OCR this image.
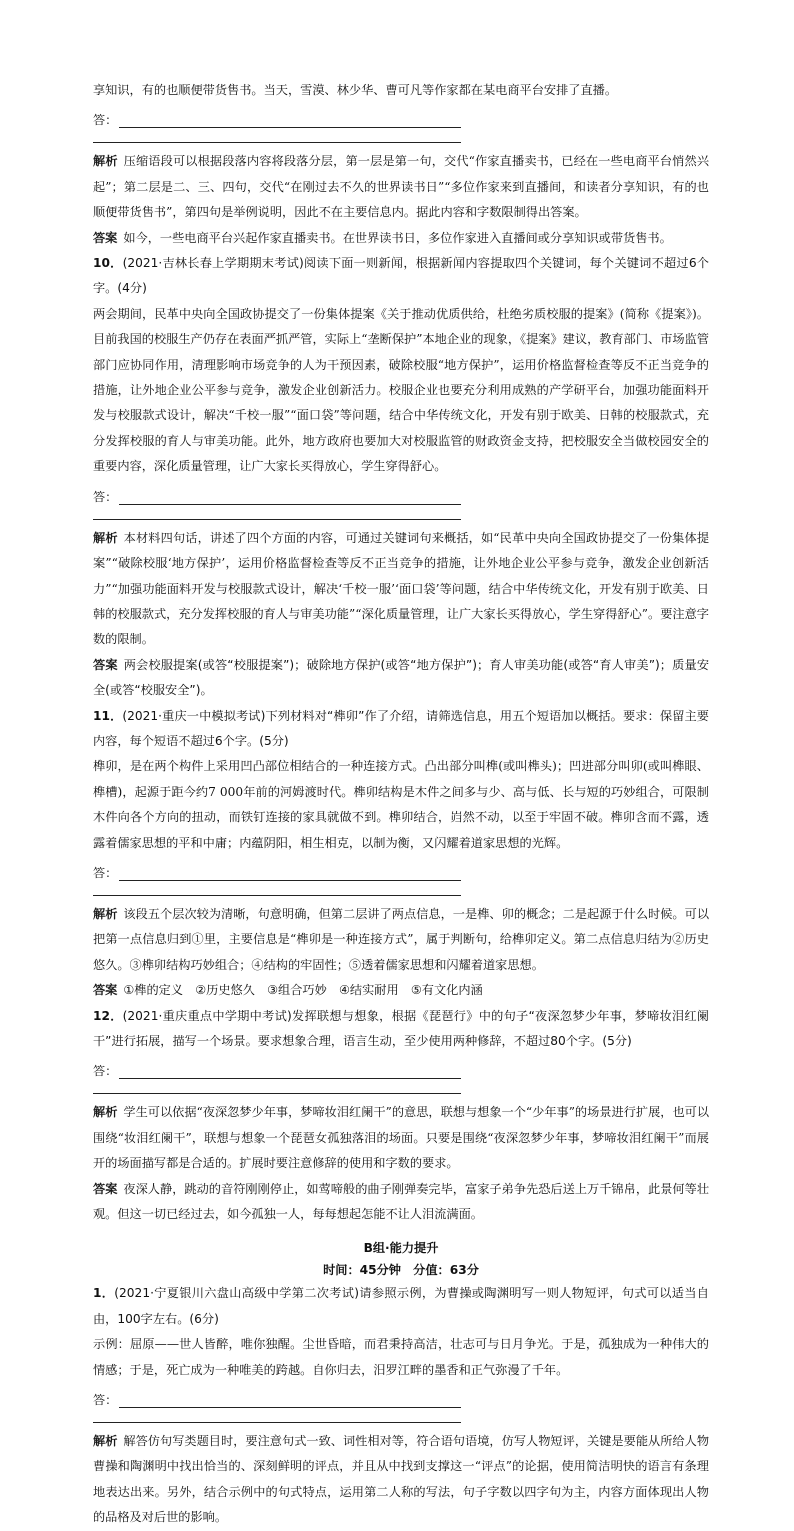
享知识，有的也顺便带货售书。当天，雪漠、林少华、曹可凡等作家都在某电商平台安排了直播。

答：

解析 压缩语段可以根据段落内容将段落分层，第一层是第一句，交代“作家直播卖书，已经在一些电商平台悄然兴起”；第二层是二、三、四句，交代“在刚过去不久的世界读书日”“多位作家来到直播间，和读者分享知识，有的也顺便带货售书”，第四句是举例说明，因此不在主要信息内。据此内容和字数限制得出答案。

答案 如今，一些电商平台兴起作家直播卖书。在世界读书日，多位作家进入直播间或分享知识或带货售书。

10．(2021·吉林长春上学期期末考试)阅读下面一则新闻，根据新闻内容提取四个关键词，每个关键词不超过6个字。(4分)

两会期间，民革中央向全国政协提交了一份集体提案《关于推动优质供给，杜绝劣质校服的提案》(简称《提案》)。目前我国的校服生产仍存在表面严抓严管，实际上“垄断保护”本地企业的现象，《提案》建议，教育部门、市场监管部门应协同作用，清理影响市场竞争的人为干预因素，破除校服“地方保护”，运用价格监督检查等反不正当竞争的措施，让外地企业公平参与竞争，激发企业创新活力。校服企业也要充分利用成熟的产学研平台，加强功能面料开发与校服款式设计，解决“千校一服”“面口袋”等问题，结合中华传统文化，开发有别于欧美、日韩的校服款式，充分发挥校服的育人与审美功能。此外，地方政府也要加大对校服监管的财政资金支持，把校服安全当做校园安全的重要内容，深化质量管理，让广大家长买得放心，学生穿得舒心。

答：

解析 本材料四句话，讲述了四个方面的内容，可通过关键词句来概括，如“民革中央向全国政协提交了一份集体提案”“破除校服‘地方保护’，运用价格监督检查等反不正当竞争的措施，让外地企业公平参与竞争，激发企业创新活力”“加强功能面料开发与校服款式设计，解决‘千校一服’‘面口袋’等问题，结合中华传统文化，开发有别于欧美、日韩的校服款式，充分发挥校服的育人与审美功能”“深化质量管理，让广大家长买得放心，学生穿得舒心”。要注意字数的限制。

答案 两会校服提案(或答“校服提案”)；破除地方保护(或答“地方保护”)；育人审美功能(或答“育人审美”)；质量安全(或答“校服安全”)。

11．(2021·重庆一中模拟考试)下列材料对“榫卯”作了介绍，请筛选信息，用五个短语加以概括。要求：保留主要内容，每个短语不超过6个字。(5分)

榫卯，是在两个构件上采用凹凸部位相结合的一种连接方式。凸出部分叫榫(或叫榫头)；凹进部分叫卯(或叫榫眼、榫槽)，起源于距今约7 000年前的河姆渡时代。榫卯结构是木件之间多与少、高与低、长与短的巧妙组合，可限制木件向各个方向的扭动，而铁钉连接的家具就做不到。榫卯结合，岿然不动，以至于牢固不破。榫卯含而不露，透露着儒家思想的平和中庸；内蕴阴阳，相生相克，以制为衡，又闪耀着道家思想的光辉。

答：

解析 该段五个层次较为清晰，句意明确，但第二层讲了两点信息，一是榫、卯的概念；二是起源于什么时候。可以把第一点信息归到①里，主要信息是“榫卯是一种连接方式”，属于判断句，给榫卯定义。第二点信息归结为②历史悠久。③榫卯结构巧妙组合；④结构的牢固性；⑤透着儒家思想和闪耀着道家思想。

答案 ①榫的定义　②历史悠久　③组合巧妙　④结实耐用　⑤有文化内涵

12．(2021·重庆重点中学期中考试)发挥联想与想象，根据《琵琶行》中的句子“夜深忽梦少年事，梦啼妆泪红阑干”进行拓展，描写一个场景。要求想象合理，语言生动，至少使用两种修辞，不超过80个字。(5分)

答：

解析 学生可以依据“夜深忽梦少年事，梦啼妆泪红阑干”的意思，联想与想象一个“少年事”的场景进行扩展，也可以围绕“妆泪红阑干”，联想与想象一个琵琶女孤独落泪的场面。只要是围绕“夜深忽梦少年事，梦啼妆泪红阑干”而展开的场面描写都是合适的。扩展时要注意修辞的使用和字数的要求。

答案 夜深人静，跳动的音符刚刚停止，如莺啼般的曲子刚弹奏完毕，富家子弟争先恐后送上万千锦帛，此景何等壮观。但这一切已经过去，如今孤独一人，每每想起怎能不让人泪流满面。

B组·能力提升
时间：45分钟　分值：63分

1．(2021·宁夏银川六盘山高级中学第二次考试)请参照示例，为曹操或陶渊明写一则人物短评，句式可以适当自由，100字左右。(6分)

示例：屈原——世人皆醉，唯你独醒。尘世昏暗，而君秉持高洁，壮志可与日月争光。于是，孤独成为一种伟大的情感；于是，死亡成为一种唯美的跨越。自你归去，汨罗江畔的墨香和正气弥漫了千年。

答：

解析 解答仿句写类题目时，要注意句式一致、词性相对等，符合语句语境，仿写人物短评，关键是要能从所给人物曹操和陶渊明中找出恰当的、深刻鲜明的评点，并且从中找到支撑这一“评点”的论据，使用简洁明快的语言有条理地表达出来。另外，结合示例中的句式特点，运用第二人称的写法，句子字数以四字句为主，内容方面体现出人物的品格及对后世的影响。
